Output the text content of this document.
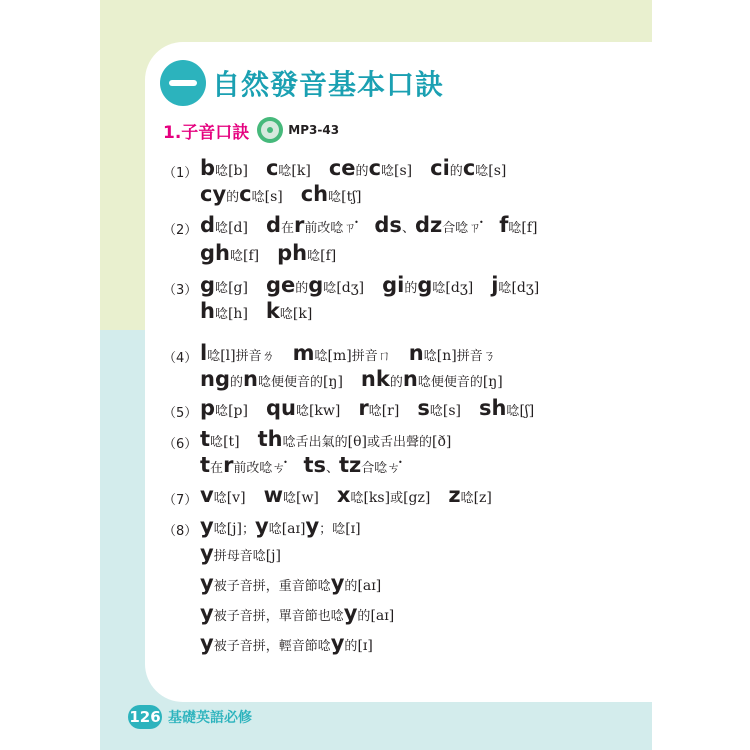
自然發音基本口訣
1.子音口訣	MP3-43
（1） b 唸 [b] c 唸 [k] ce 的 c 唸 [s] ci 的 c 唸 [s]
cy 的 c 唸 [s] ch 唸 [tʃ]
（2） d 唸 [d] d 在 r 前改唸ㄗ̇ ds 、 dz 合唸ㄗ̇ f 唸 [f]
gh 唸 [f] ph 唸 [f]
（3） g 唸 [g] ge 的 g 唸 [dʒ] gi 的 g 唸 [dʒ] j 唸 [dʒ]
h 唸 [h] k 唸 [k]
（4） l 唸 [l] 拼音ㄌ m 唸 [m] 拼音ㄇ n 唸 [n] 拼音ㄋ
ng 的 n 唸便便音的 [ŋ] nk 的 n 唸便便音的 [ŋ]
（5） p 唸 [p] qu 唸 [kw] r 唸 [r] s 唸 [s] sh 唸 [ʃ]
（6） t 唸 [t] th 唸舌出氣的 [θ] 或舌出聲的 [ð]
t 在 r 前改唸ㄘ̇ ts 、 tz 合唸ㄘ̇
（7） v 唸 [v] w 唸 [w] x 唸 [ks] 或 [gz] z 唸 [z]
（8） y 唸 [j] ； y 唸 [aɪ] y ； 唸 [ɪ]
y 拼母音唸 [j]
y 被子音拼，重音節唸 y 的 [aɪ]
y 被子音拼，單音節也唸 y 的 [aɪ]
y 被子音拼，輕音節唸 y 的 [ɪ]
126 基礎英語必修
